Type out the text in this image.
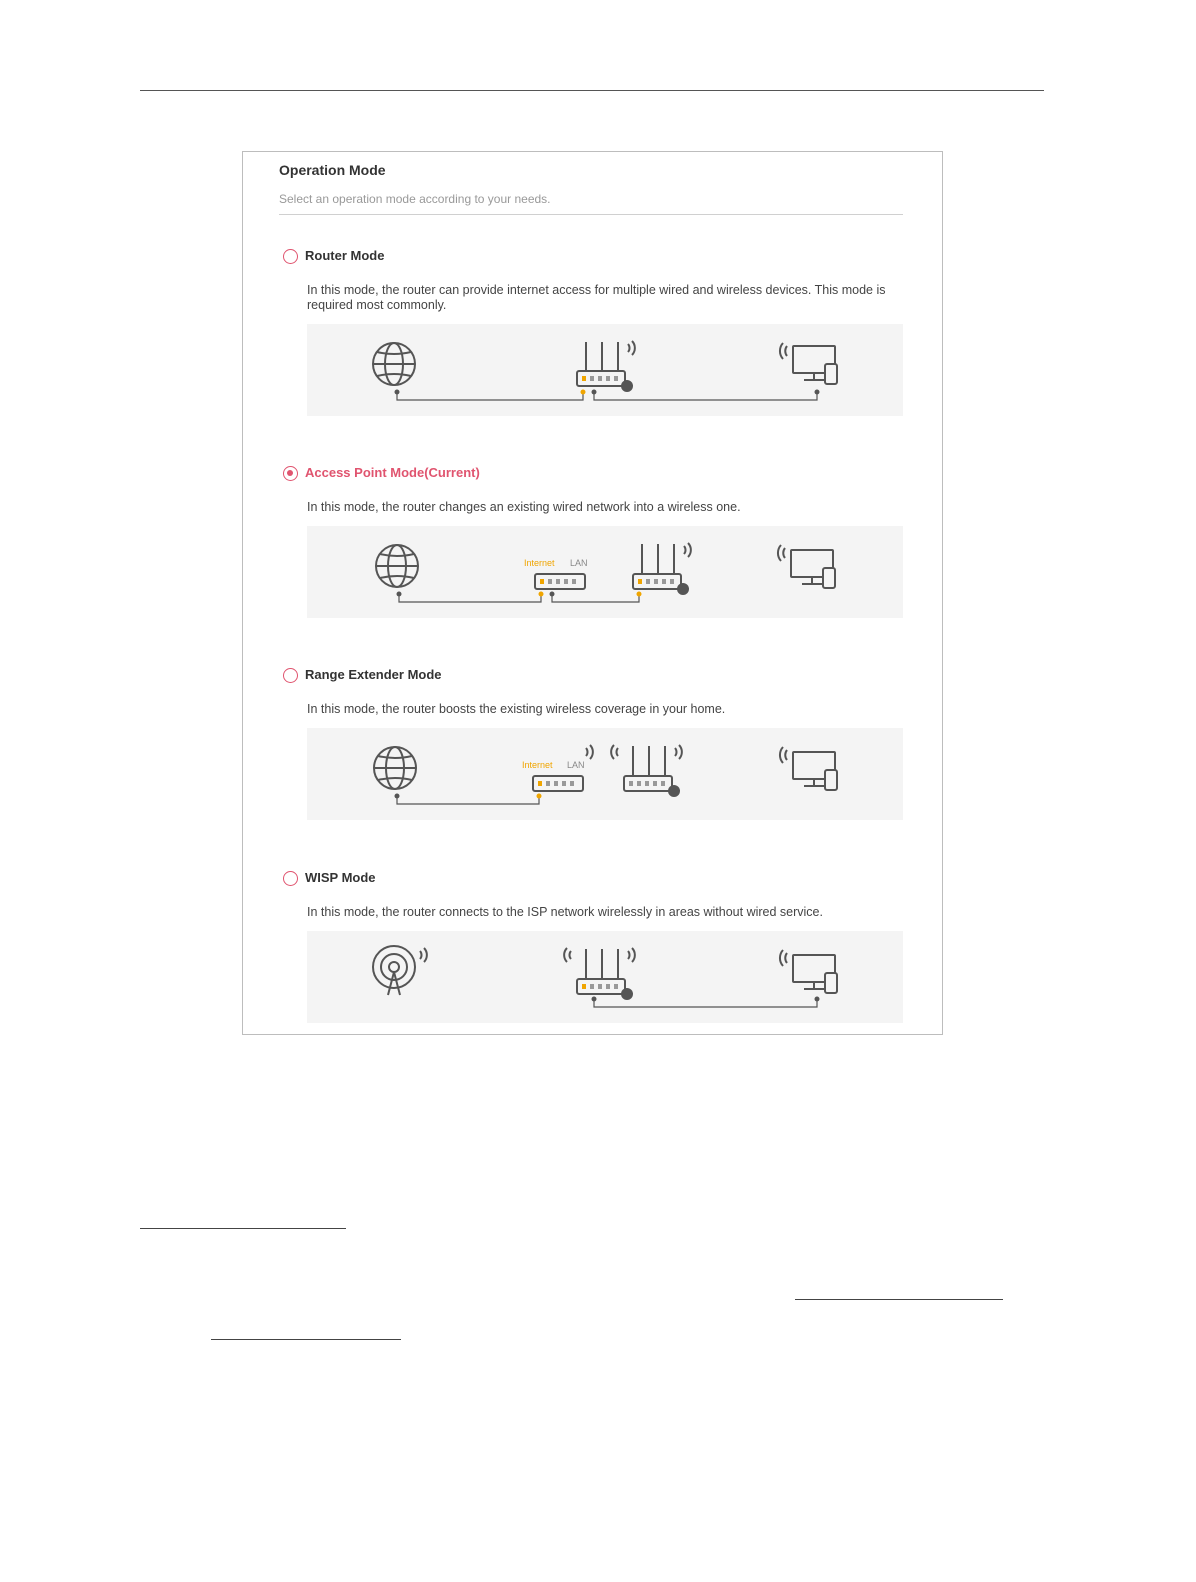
Operation Mode
Select an operation mode according to your needs.
Router Mode
In this mode, the router can provide internet access for multiple wired and wireless devices. This mode is required most commonly.
Access Point Mode(Current)
In this mode, the router changes an existing wired network into a wireless one.
Internet LAN
Range Extender Mode
In this mode, the router boosts the existing wireless coverage in your home.
Internet LAN
WISP Mode
In this mode, the router connects to the ISP network wirelessly in areas without wired service.
